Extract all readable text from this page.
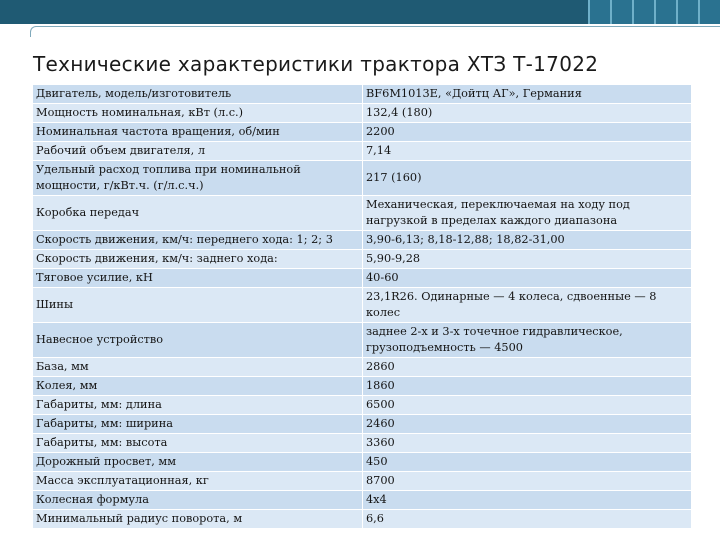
Технические характеристики трактора ХТЗ Т-17022
Двигатель, модель/изготовитель	BF6M1013E, «Дойтц АГ», Германия
Мощность номинальная, кВт (л.с.)	132,4 (180)
Номинальная частота вращения, об/мин	2200
Рабочий объем двигателя, л	7,14
Удельный расход топлива при номинальной мощности, г/кВт.ч. (г/л.с.ч.)	217 (160)
Коробка передач	Механическая, переключаемая на ходу под нагрузкой в пределах каждого диапазона
Скорость движения, км/ч: переднего хода: 1; 2; 3	3,90-6,13; 8,18-12,88; 18,82-31,00
Скорость движения, км/ч: заднего хода:	5,90-9,28
Тяговое усилие, кН	40-60
Шины	23,1R26. Одинарные — 4 колеса, сдвоенные — 8 колес
Навесное устройство	заднее 2-х и 3-х точечное гидравлическое, грузоподъемность — 4500
База, мм	2860
Колея, мм	1860
Габариты, мм: длина	6500
Габариты, мм: ширина	2460
Габариты, мм: высота	3360
Дорожный просвет, мм	450
Масса эксплуатационная, кг	8700
Колесная формула	4х4
Минимальный радиус поворота, м	6,6
